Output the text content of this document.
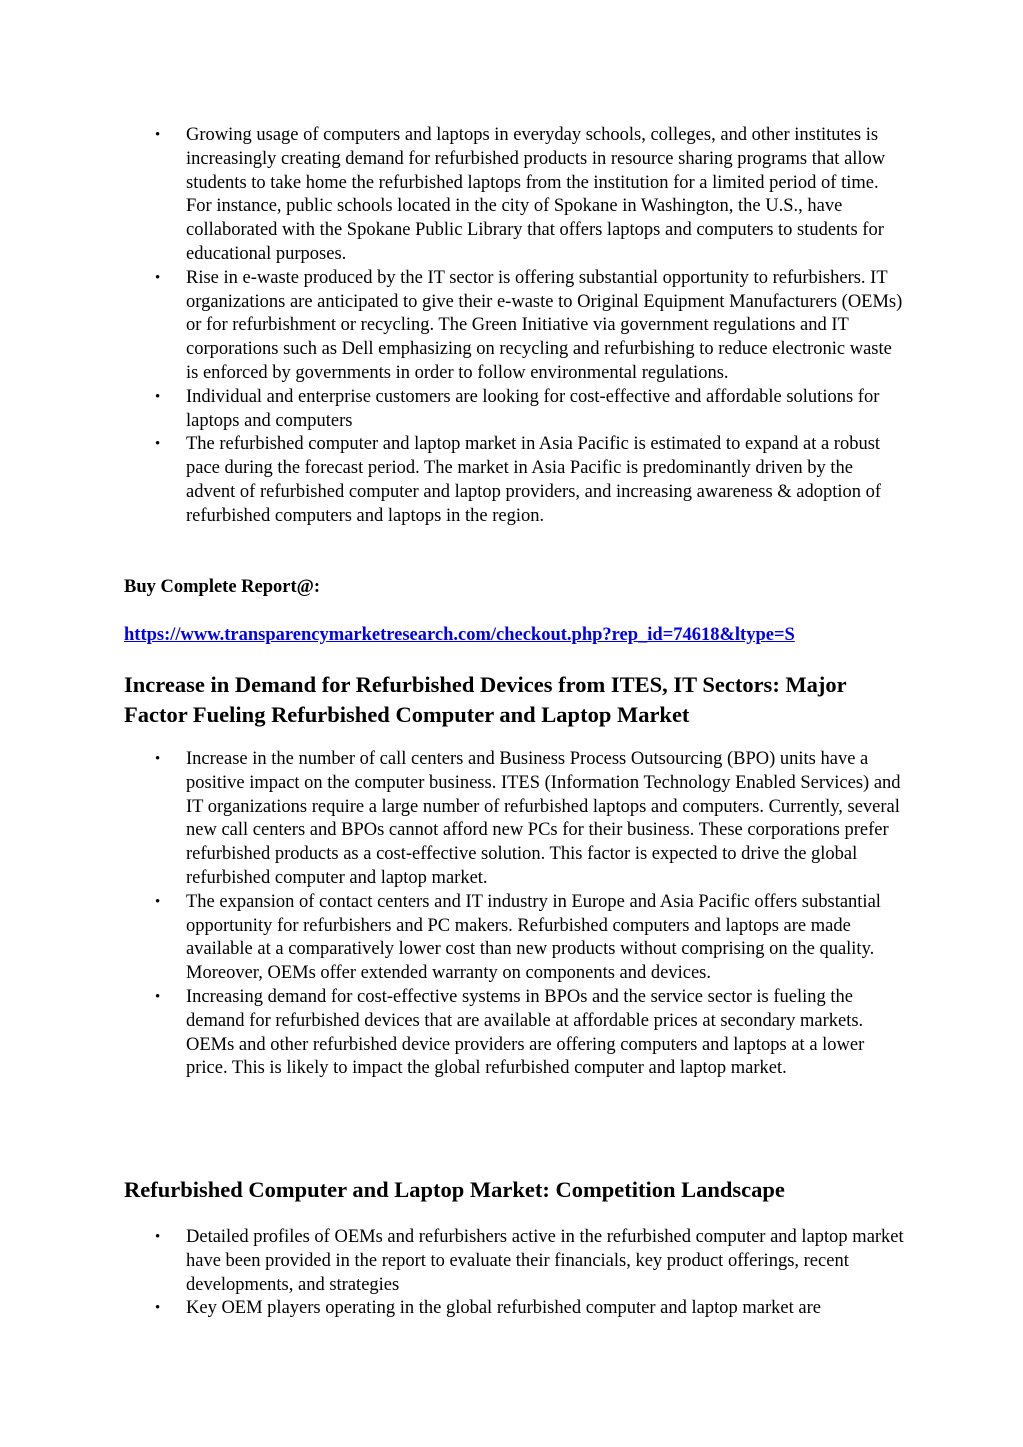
• Growing usage of computers and laptops in everyday schools, colleges, and other institutes is increasingly creating demand for refurbished products in resource sharing programs that allow students to take home the refurbished laptops from the institution for a limited period of time. For instance, public schools located in the city of Spokane in Washington, the U.S., have collaborated with the Spokane Public Library that offers laptops and computers to students for educational purposes.
• Rise in e-waste produced by the IT sector is offering substantial opportunity to refurbishers. IT organizations are anticipated to give their e-waste to Original Equipment Manufacturers (OEMs) or for refurbishment or recycling. The Green Initiative via government regulations and IT corporations such as Dell emphasizing on recycling and refurbishing to reduce electronic waste is enforced by governments in order to follow environmental regulations.
• Individual and enterprise customers are looking for cost-effective and affordable solutions for laptops and computers
• The refurbished computer and laptop market in Asia Pacific is estimated to expand at a robust pace during the forecast period. The market in Asia Pacific is predominantly driven by the advent of refurbished computer and laptop providers, and increasing awareness & adoption of refurbished computers and laptops in the region.
Buy Complete Report@:
https://www.transparencymarketresearch.com/checkout.php?rep_id=74618&ltype=S
Increase in Demand for Refurbished Devices from ITES, IT Sectors: Major Factor Fueling Refurbished Computer and Laptop Market
• Increase in the number of call centers and Business Process Outsourcing (BPO) units have a positive impact on the computer business. ITES (Information Technology Enabled Services) and IT organizations require a large number of refurbished laptops and computers. Currently, several new call centers and BPOs cannot afford new PCs for their business. These corporations prefer refurbished products as a cost-effective solution. This factor is expected to drive the global refurbished computer and laptop market.
• The expansion of contact centers and IT industry in Europe and Asia Pacific offers substantial opportunity for refurbishers and PC makers. Refurbished computers and laptops are made available at a comparatively lower cost than new products without comprising on the quality. Moreover, OEMs offer extended warranty on components and devices.
• Increasing demand for cost-effective systems in BPOs and the service sector is fueling the demand for refurbished devices that are available at affordable prices at secondary markets. OEMs and other refurbished device providers are offering computers and laptops at a lower price. This is likely to impact the global refurbished computer and laptop market.
Refurbished Computer and Laptop Market: Competition Landscape
• Detailed profiles of OEMs and refurbishers active in the refurbished computer and laptop market have been provided in the report to evaluate their financials, key product offerings, recent developments, and strategies
• Key OEM players operating in the global refurbished computer and laptop market are
